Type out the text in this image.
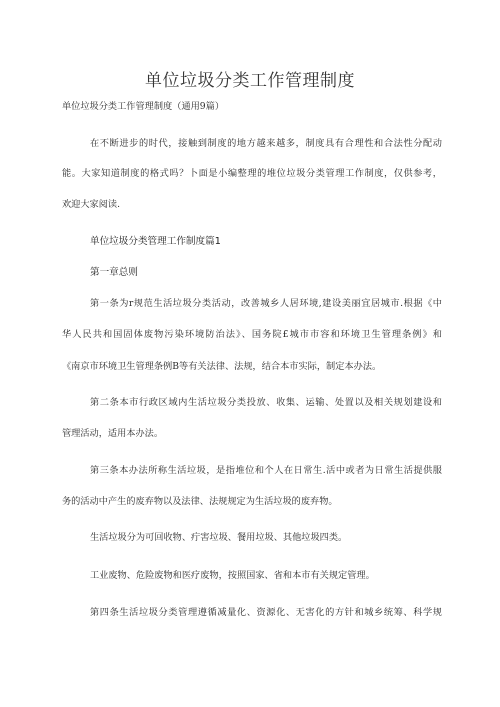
单位垃圾分类工作管理制度
单位垃圾分类工作管理制度（通用9篇）
在不断进步的时代，接触到制度的地方越来越多，制度具有合理性和合法性分配动
能。大家知道制度的格式吗？卜面是小编整理的堆位垃圾分类管理工作制度，仅供参考，
欢迎大家阅读.
单位垃圾分类管理工作制度篇1
第一章总则
第一条为r规范生活垃圾分类活动，改善城乡人居环境,建设美丽宜居城市.根据《中
华人民共和国固体废物污染环境防治法》、国务院£城市市容和环境卫生管理条例》和
《南京市环境卫生管理条例B等有关法律、法规，结合本市实际，制定本办法。
第二条本市行政区域内生活垃圾分类投放、收集、运输、处置以及相关规划建设和
管理活动，适用本办法。
第三条本办法所称生活垃圾，是指堆位和个人在日常生.活中或者为日常生活提供服
务的活动中产生的废弃物以及法律、法规规定为生活垃圾的废弃物。
生活垃圾分为可回收物、疔害垃圾、餐用垃圾、其他垃圾四类。
工业废物、危险废物和医疗废物，按照国家、省和本市有关规定管理。
第四条生活垃圾分类管理遵循减量化、资源化、无害化的方针和城乡统筹、科学规
